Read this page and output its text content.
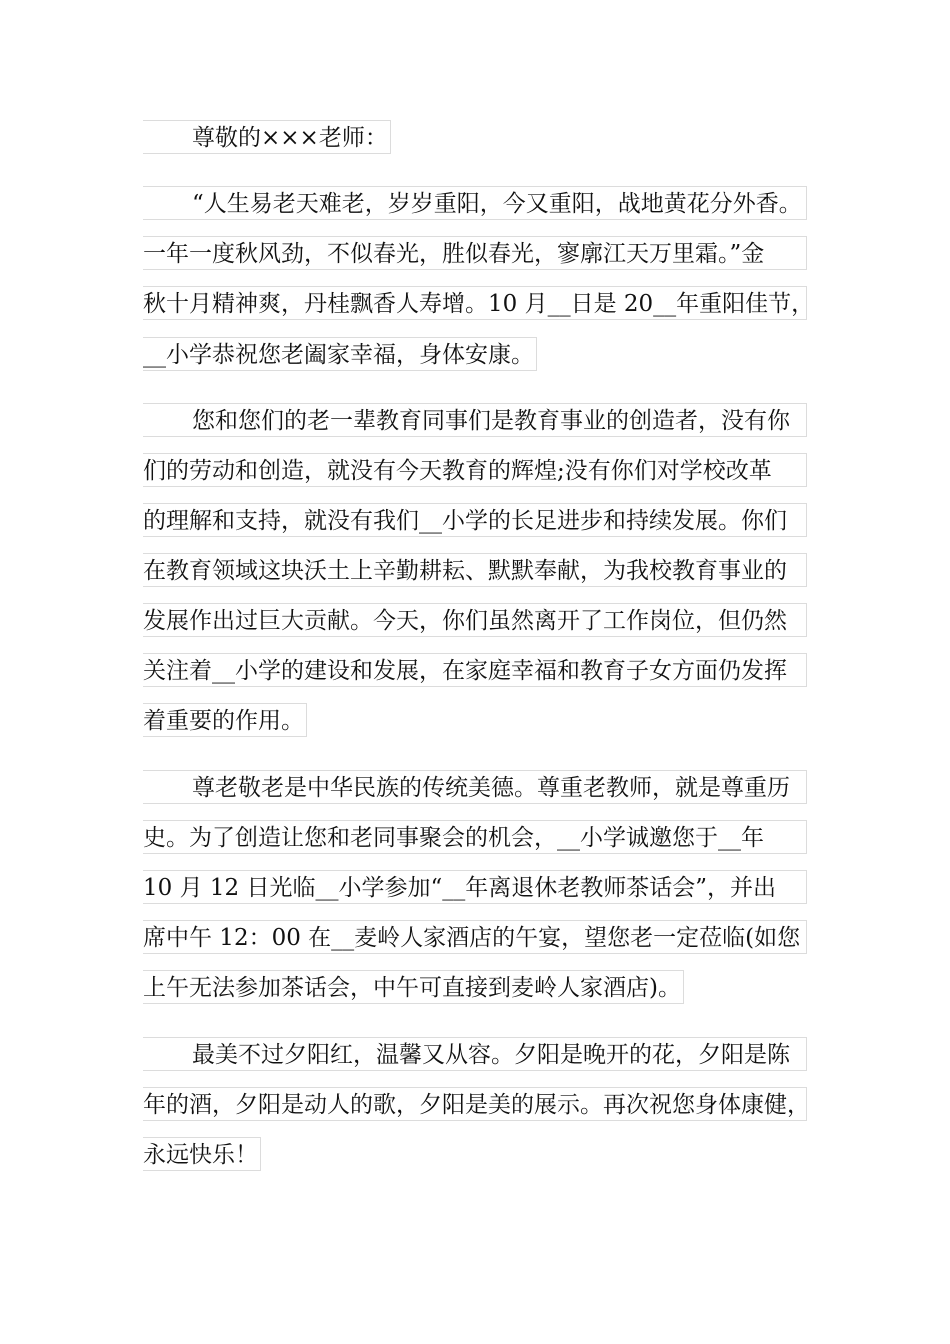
尊敬的×××老师：
“人生易老天难老，岁岁重阳，今又重阳，战地黄花分外香。
一年一度秋风劲，不似春光，胜似春光，寥廓江天万里霜。”金
秋十月精神爽，丹桂飘香人寿增。10 月__日是 20__年重阳佳节，
__小学恭祝您老阖家幸福，身体安康。
您和您们的老一辈教育同事们是教育事业的创造者，没有你
们的劳动和创造，就没有今天教育的辉煌;没有你们对学校改革
的理解和支持，就没有我们__小学的长足进步和持续发展。你们
在教育领域这块沃土上辛勤耕耘、默默奉献，为我校教育事业的
发展作出过巨大贡献。今天，你们虽然离开了工作岗位，但仍然
关注着__小学的建设和发展，在家庭幸福和教育子女方面仍发挥
着重要的作用。
尊老敬老是中华民族的传统美德。尊重老教师，就是尊重历
史。为了创造让您和老同事聚会的机会，__小学诚邀您于__年
10 月 12 日光临__小学参加“__年离退休老教师茶话会”，并出
席中午 12：00 在__麦岭人家酒店的午宴，望您老一定莅临(如您
上午无法参加茶话会，中午可直接到麦岭人家酒店)。
最美不过夕阳红，温馨又从容。夕阳是晚开的花，夕阳是陈
年的酒，夕阳是动人的歌，夕阳是美的展示。再次祝您身体康健，
永远快乐！
